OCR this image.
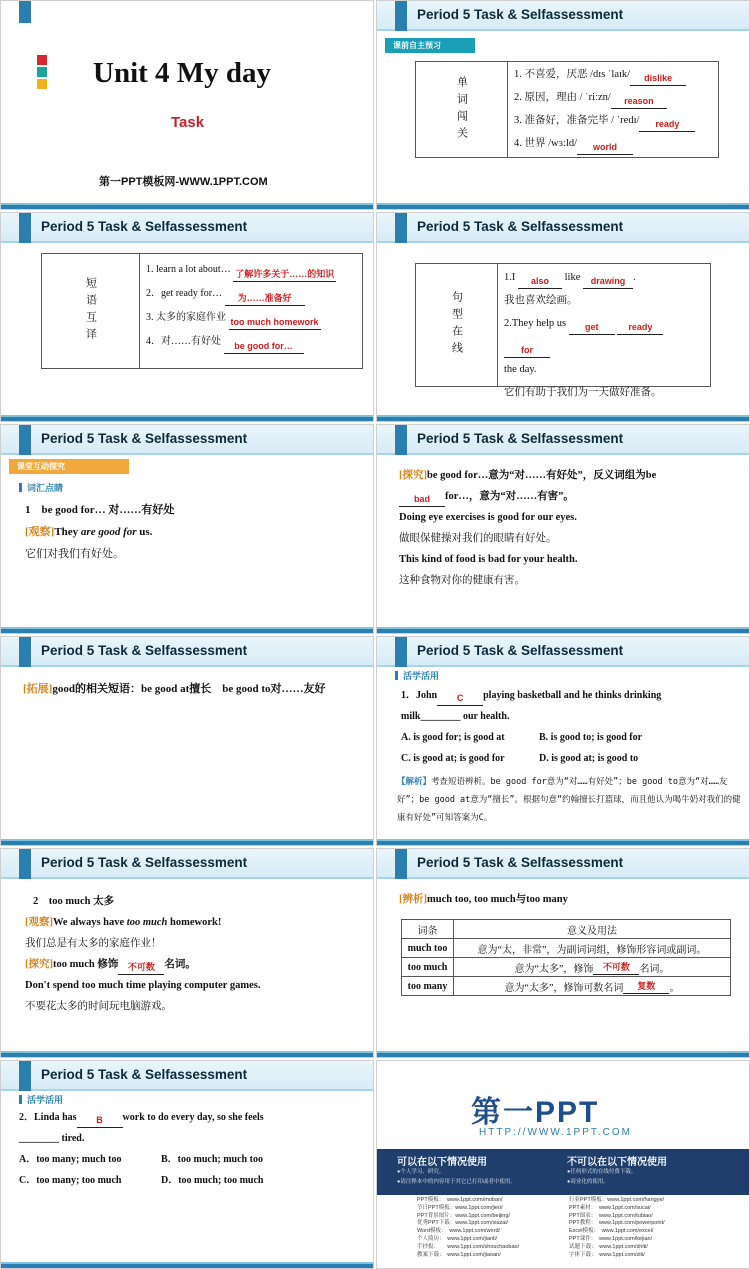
Unit 4 My day
Task
第一PPT模板网-WWW.1PPT.COM
Period 5 Task & Selfassessment
课前自主预习
单词闯关
1. 不喜爱，厌恶 /dɪs ˈlaɪk/ dislike
2. 原因，理由 / ˈriːzn/ reason
3. 准备好，准备完毕 / ˈredɪ/ ready
4. 世界 /wɜːld/ world
Period 5 Task & Selfassessment
短语互译
1. learn a lot about… 了解许多关于……的知识
2．get ready for… 为……准备好
3. 太多的家庭作业 too much homework
4．对……有好处 be good for…
Period 5 Task & Selfassessment
句型在线
1.I also like drawing .
我也喜欢绘画。
2.They help us get	ready for
the day.
它们有助于我们为一天做好准备。
Period 5 Task & Selfassessment
课堂互动探究
词汇点睛
1　be good for… 对……有好处
[观察]They are good for us.
它们对我们有好处。
Period 5 Task & Selfassessment
[探究]be good for…意为“对……有好处”，反义词组为be
bad for…，意为“对……有害”。
Doing eye exercises is good for our eyes.
做眼保健操对我们的眼睛有好处。
This kind of food is bad for your health.
这种食物对你的健康有害。
Period 5 Task & Selfassessment
[拓展]good的相关短语：be good at擅长　be good to对……友好
Period 5 Task & Selfassessment
活学活用
1．John C playing basketball and he thinks drinking
milk________ our health.
A. is good for; is good at	B. is good to; is good for
C. is good at; is good for	D. is good at; is good to
【解析】考查短语辨析。be good for意为“对……有好处”；be good to意为“对……友好”；be good at意为“擅长”。根据句意“约翰擅长打篮球，而且他认为喝牛奶对我们的健康有好处”可知答案为C。
Period 5 Task & Selfassessment
2　too much 太多
[观察]We always have too much homework!
我们总是有太多的家庭作业！
[探究]too much 修饰 不可数 名词。
Don't spend too much time playing computer games.
不要花太多的时间玩电脑游戏。
Period 5 Task & Selfassessment
[辨析]much too, too much与too many
词条	意义及用法
much too	意为“太，非常”，为副词词组，修饰形容词或副词。
too much	意为“太多”，修饰 不可数 名词。
too many	意为“太多”，修饰可数名词 复数 。
Period 5 Task & Selfassessment
活学活用
2．Linda has B work to do every day, so she feels
________ tired.
A．too many; much too	B．too much; much too
C．too many; too much	D．too much; too much
第一PPT
HTTP://WWW.1PPT.COM
可以在以下情况使用
●个人学习、研究。
●请注释本中的内容用于其它已打印或者中使用。
不可以在以下情况使用
●任何形式的在线付费下载。
●商业化的使用。
PPT模板：　www.1ppt.com/moban/
节日PPT模板：www.1ppt.com/jieri/
PPT背景图片：www.1ppt.com/beijing/
优秀PPT下载：www.1ppt.com/xiazai/
Word模板：　www.1ppt.com/word/
个人简历：　www.1ppt.com/jianli/
手抄报：　　www.1ppt.com/shouchaobao/
教案下载：　www.1ppt.com/jiaoan/
行业PPT模板：www.1ppt.com/hangye/
PPT素材：　www.1ppt.com/sucai/
PPT图表：　www.1ppt.com/tubiao/
PPT教程：　www.1ppt.com/powerpoint/
Excel模板：　www.1ppt.com/excel/
PPT课件：　www.1ppt.com/kejian/
试题下载：　www.1ppt.com/shiti/
字体下载：　www.1ppt.com/ziti/
